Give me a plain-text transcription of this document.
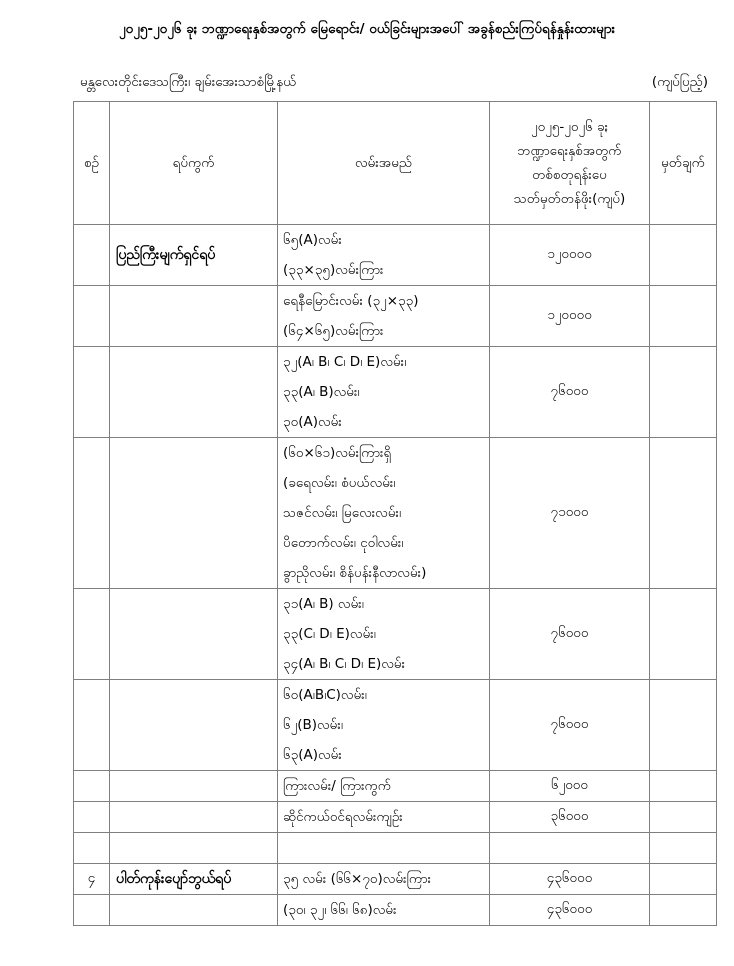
၂၀၂၅-၂၀၂၆ ခုႏ ဘဏ္ဍာရေးနှစ်အတွက် မြေရောင်း/ ဝယ်ခြင်းများအပေါ် အခွန်စည်းကြပ်ရန်နှုန်းထားများ
မန္တလေးတိုင်းဒေသကြီး၊ ချမ်းအေးသာစံမြို့နယ်	(ကျပ်ပြည့်)
စဉ်	ရပ်ကွက်	လမ်းအမည်	၂၀၂၅-၂၀၂၆ ခုႏ
ဘဏ္ဍာရေးနှစ်အတွက်
တစ်စတုရန်းပေ
သတ်မှတ်တန်ဖိုး(ကျပ်)	မှတ်ချက်
	ပြည်ကြီးမျက်ရှင်ရပ်	၆၅(A)လမ်း
(၃၃×၃၅)လမ်းကြား	၁၂၀၀၀၀	

		ရေနီမြောင်းလမ်း (၃၂×၃၃)
(၆၄×၆၅)လမ်းကြား	၁၂၀၀၀၀	

		၃၂(A၊ B၊ C၊ D၊ E)လမ်း၊
၃၃(A၊ B)လမ်း၊
၃၀(A)လမ်း	၇၆၀၀၀	

		(၆၀×၆၁)လမ်းကြားရှိ
(ခရေလမ်း၊ စံပယ်လမ်း၊
သဇင်လမ်း၊ မြလေးလမ်း၊
ပိတောက်လမ်း၊ ငုဝါလမ်း၊
ခွာညိုလမ်း၊ စိန်ပန်းနီလာလမ်း)	၇၁၀၀၀	

		၃၁(A၊ B) လမ်း၊
၃၃(C၊ D၊ E)လမ်း၊
၃၄(A၊ B၊ C၊ D၊ E)လမ်း	၇၆၀၀၀	

		၆၀(A၊B၊C)လမ်း၊
၆၂(B)လမ်း၊
၆၃(A)လမ်း	၇၆၀၀၀	

		ကြားလမ်း/ ကြားကွက်	၆၂၀၀၀	

		ဆိုင်ကယ်ဝင်ရလမ်းကျဉ်း	၃၆၀၀၀	

၄	ပါတ်ကုန်းပျော်ဘွယ်ရပ်	၃၅ လမ်း (၆၆×၇၀)လမ်းကြား	၄၃၆၀၀၀	

		(၃၀၊ ၃၂၊ ၆၆၊ ၆၈)လမ်း	၄၃၆၀၀၀	
